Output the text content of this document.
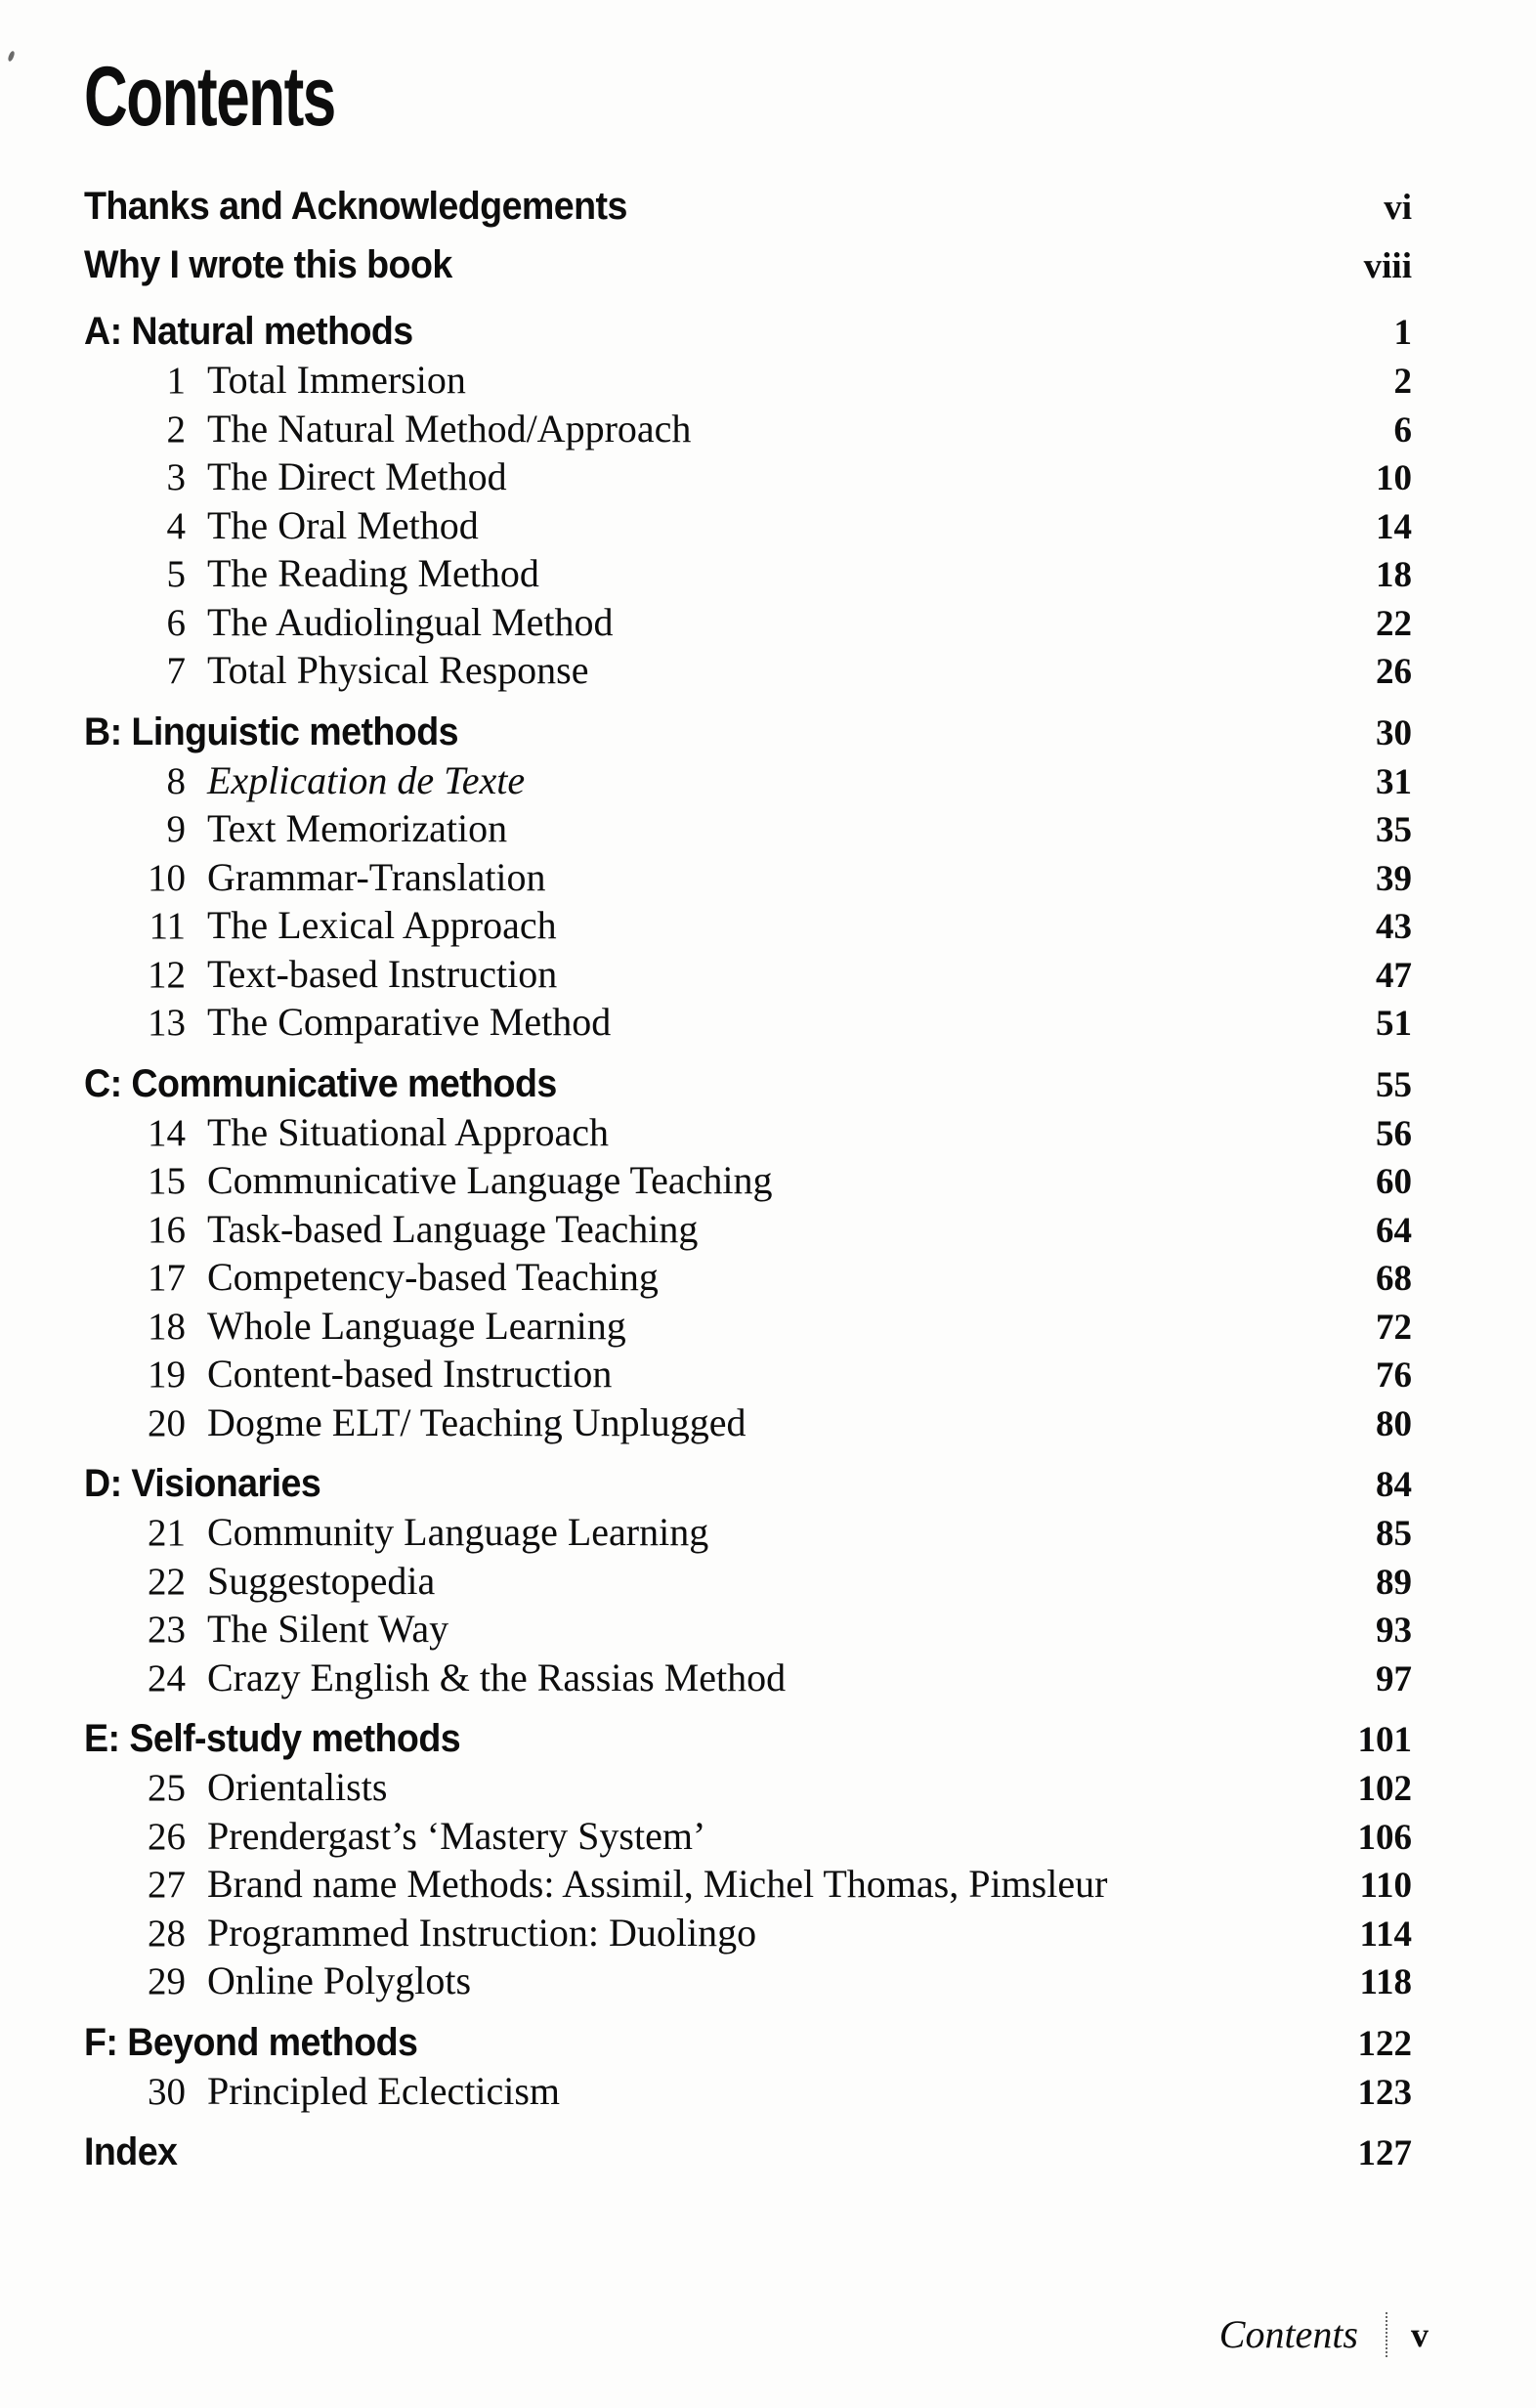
Contents
Thanks and Acknowledgements	vi
Why I wrote this book	viii
A: Natural methods	1
1 Total Immersion	2
2 The Natural Method/Approach	6
3 The Direct Method	10
4 The Oral Method	14
5 The Reading Method	18
6 The Audiolingual Method	22
7 Total Physical Response	26
B: Linguistic methods	30
8 Explication de Texte	31
9 Text Memorization	35
10 Grammar-Translation	39
11 The Lexical Approach	43
12 Text-based Instruction	47
13 The Comparative Method	51
C: Communicative methods	55
14 The Situational Approach	56
15 Communicative Language Teaching	60
16 Task-based Language Teaching	64
17 Competency-based Teaching	68
18 Whole Language Learning	72
19 Content-based Instruction	76
20 Dogme ELT/ Teaching Unplugged	80
D: Visionaries	84
21 Community Language Learning	85
22 Suggestopedia	89
23 The Silent Way	93
24 Crazy English & the Rassias Method	97
E: Self-study methods	101
25 Orientalists	102
26 Prendergast’s ‘Mastery System’	106
27 Brand name Methods: Assimil, Michel Thomas, Pimsleur	110
28 Programmed Instruction: Duolingo	114
29 Online Polyglots	118
F: Beyond methods	122
30 Principled Eclecticism	123
Index	127
Contents v
